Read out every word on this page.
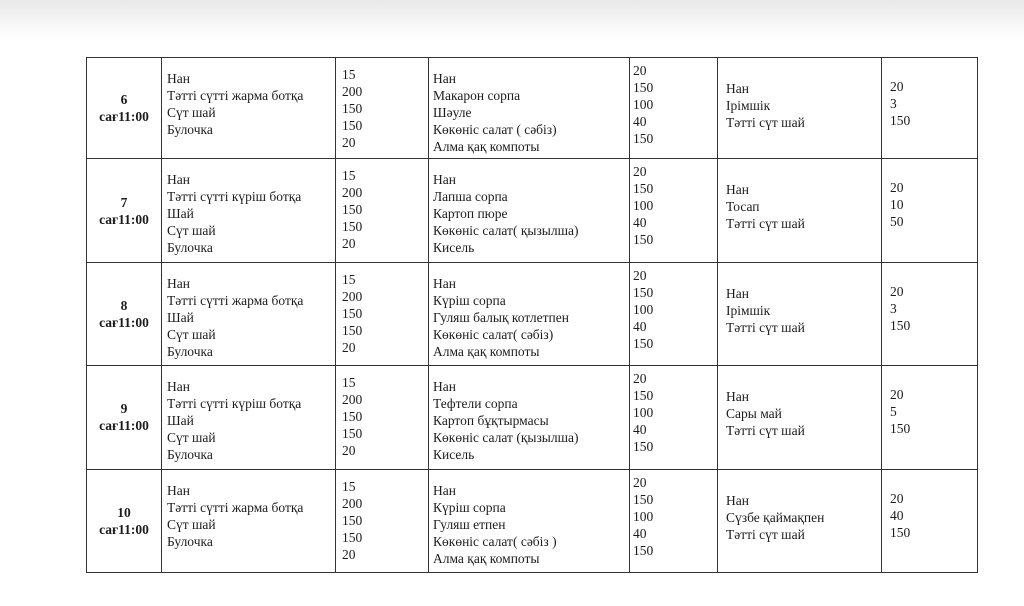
6
сағ11:00	Нан
Тәтті сүтті жарма ботқа
Сүт шай
Булочка	15
200
150
150
20	Нан
Макарон сорпа
Шәуле
Көкөніс салат ( сәбіз)
Алма қақ компоты	20
150
100
40
150	Нан
Ірімшік
Тәтті сүт шай	20
3
150

7
сағ11:00	Нан
Тәтті сүтті күріш ботқа
Шай
Сүт шай
Булочка	15
200
150
150
20	Нан
Лапша сорпа
Картоп пюре
Көкөніс салат( қызылша)
Кисель	20
150
100
40
150	Нан
Тосап
Тәтті сүт шай	20
10
50

8
сағ11:00	Нан
Тәтті сүтті жарма ботқа
Шай
Сүт шай
Булочка	15
200
150
150
20	Нан
Күріш сорпа
Гуляш балық котлетпен
Көкөніс салат( сәбіз)
Алма қақ компоты	20
150
100
40
150	Нан
Ірімшік
Тәтті сүт шай	20
3
150

9
сағ11:00	Нан
Тәтті сүтті күріш ботқа
Шай
Сүт шай
Булочка	15
200
150
150
20	Нан
Тефтели сорпа
Картоп бұқтырмасы
Көкөніс салат (қызылша)
Кисель	20
150
100
40
150	Нан
Сары май
Тәтті сүт шай	20
5
150

10
сағ11:00	Нан
Тәтті сүтті жарма ботқа
Сүт шай
Булочка	15
200
150
150
20	Нан
Күріш сорпа
Гуляш етпен
Көкөніс салат( сәбіз )
Алма қақ компоты	20
150
100
40
150	Нан
Сүзбе қаймақпен
Тәтті сүт шай	20
40
150
